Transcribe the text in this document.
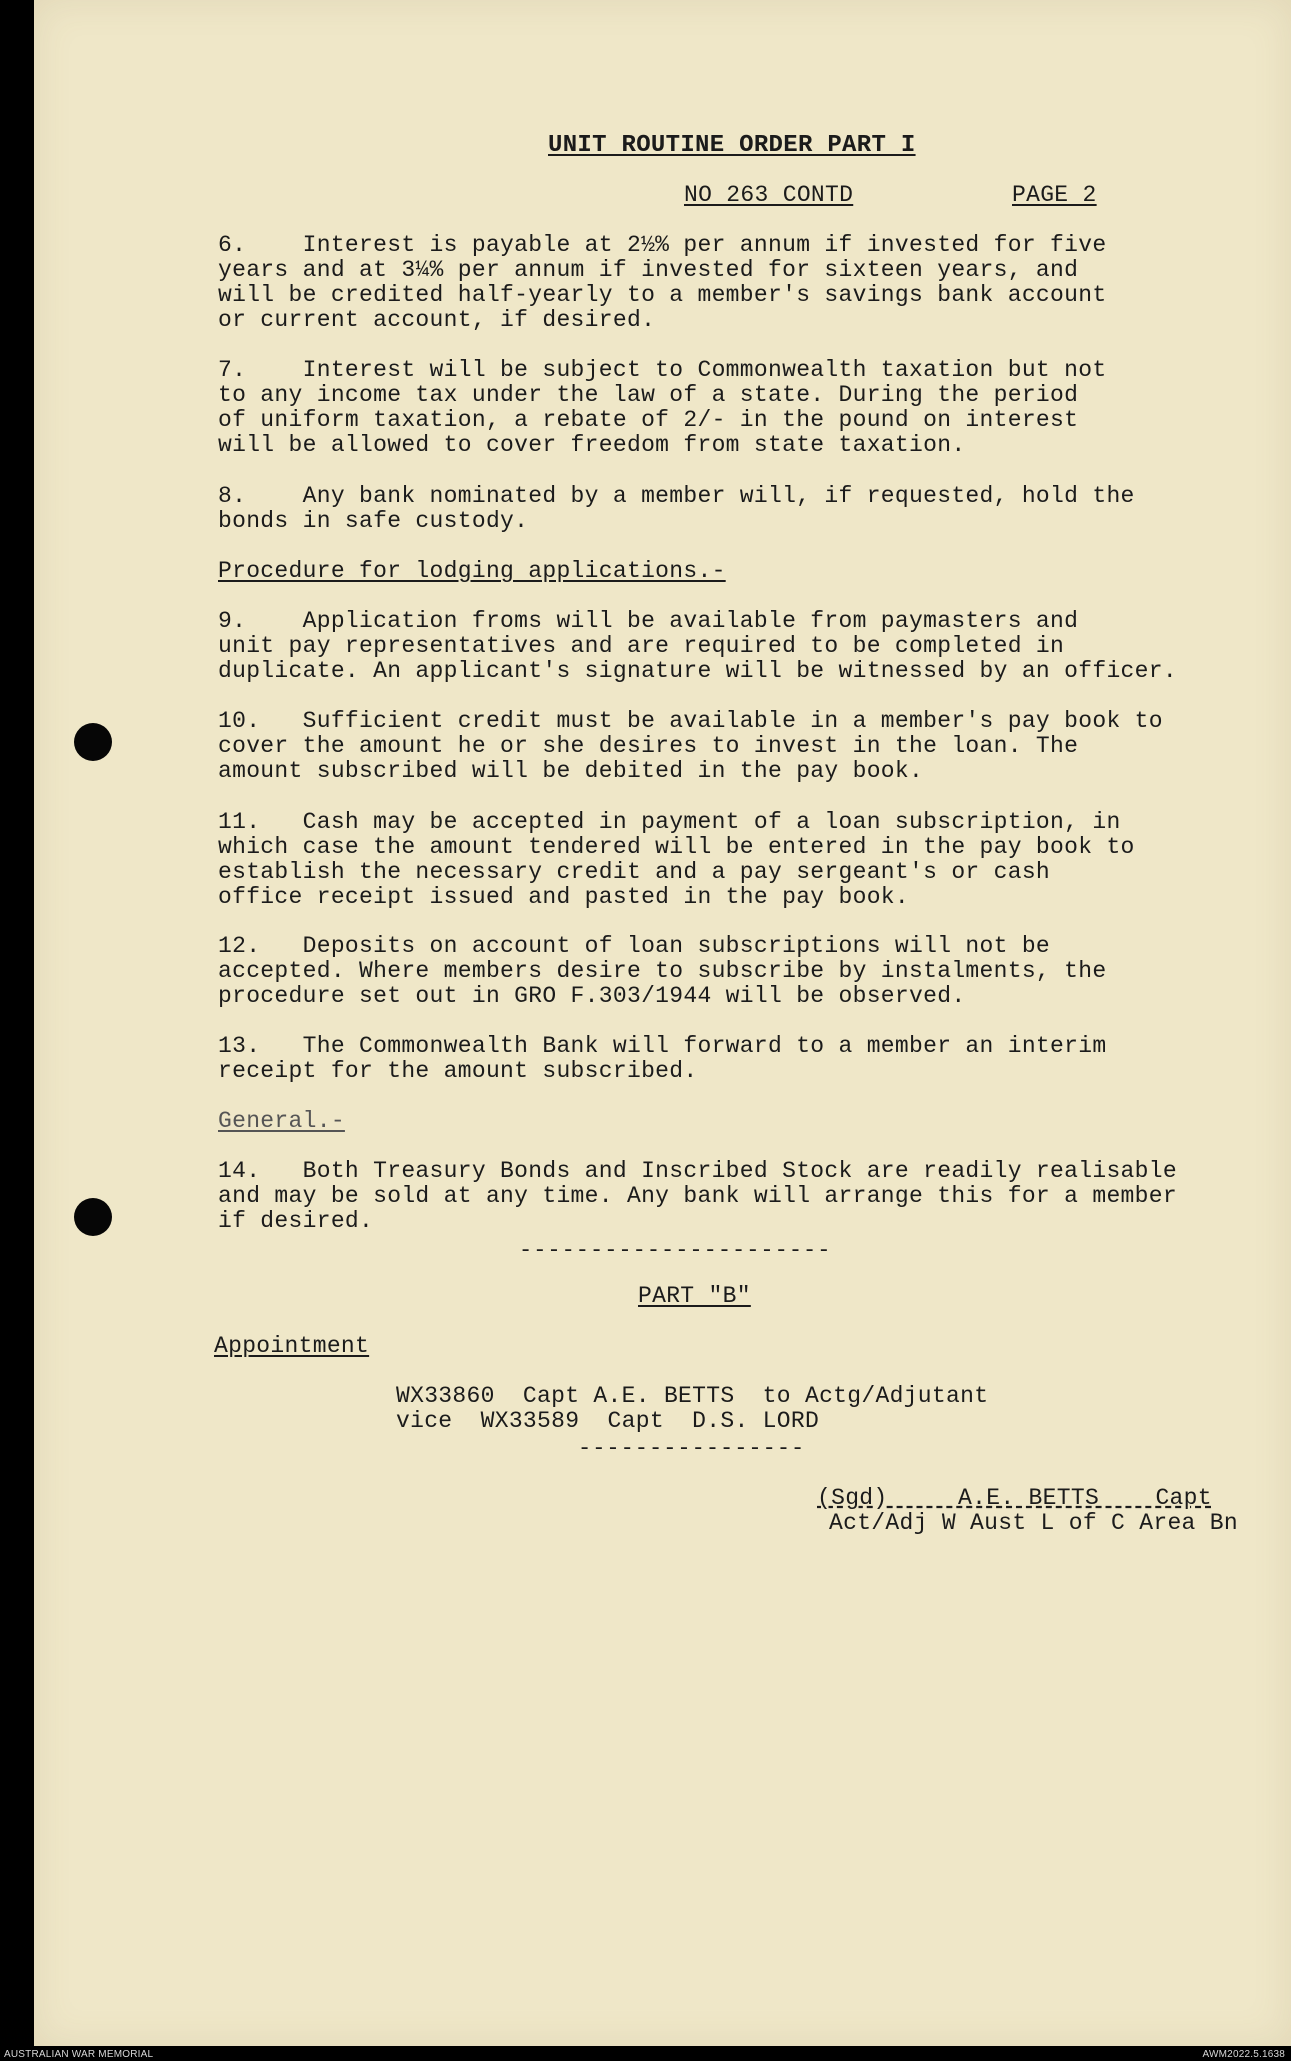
UNIT ROUTINE ORDER PART I
NO 263 CONTD	PAGE 2
6.    Interest is payable at 2½% per annum if invested for five
years and at 3¼% per annum if invested for sixteen years, and
will be credited half-yearly to a member's savings bank account
or current account, if desired.
7.    Interest will be subject to Commonwealth taxation but not
to any income tax under the law of a state. During the period
of uniform taxation, a rebate of 2/- in the pound on interest
will be allowed to cover freedom from state taxation.
8.    Any bank nominated by a member will, if requested, hold the
bonds in safe custody.
Procedure for lodging applications.-
9.    Application froms will be available from paymasters and
unit pay representatives and are required to be completed in
duplicate. An applicant's signature will be witnessed by an officer.
10.   Sufficient credit must be available in a member's pay book to
cover the amount he or she desires to invest in the loan. The
amount subscribed will be debited in the pay book.
11.   Cash may be accepted in payment of a loan subscription, in
which case the amount tendered will be entered in the pay book to
establish the necessary credit and a pay sergeant's or cash
office receipt issued and pasted in the pay book.
12.   Deposits on account of loan subscriptions will not be
accepted. Where members desire to subscribe by instalments, the
procedure set out in GRO F.303/1944 will be observed.
13.   The Commonwealth Bank will forward to a member an interim
receipt for the amount subscribed.
General.-
14.   Both Treasury Bonds and Inscribed Stock are readily realisable
and may be sold at any time. Any bank will arrange this for a member
if desired.
----------------------
PART "B"
Appointment
WX33860  Capt A.E. BETTS  to Actg/Adjutant
vice  WX33589  Capt  D.S. LORD
----------------
(Sgd)     A.E. BETTS    Capt
Act/Adj W Aust L of C Area Bn
AUSTRALIAN WAR MEMORIAL	AWM2022.5.1638
